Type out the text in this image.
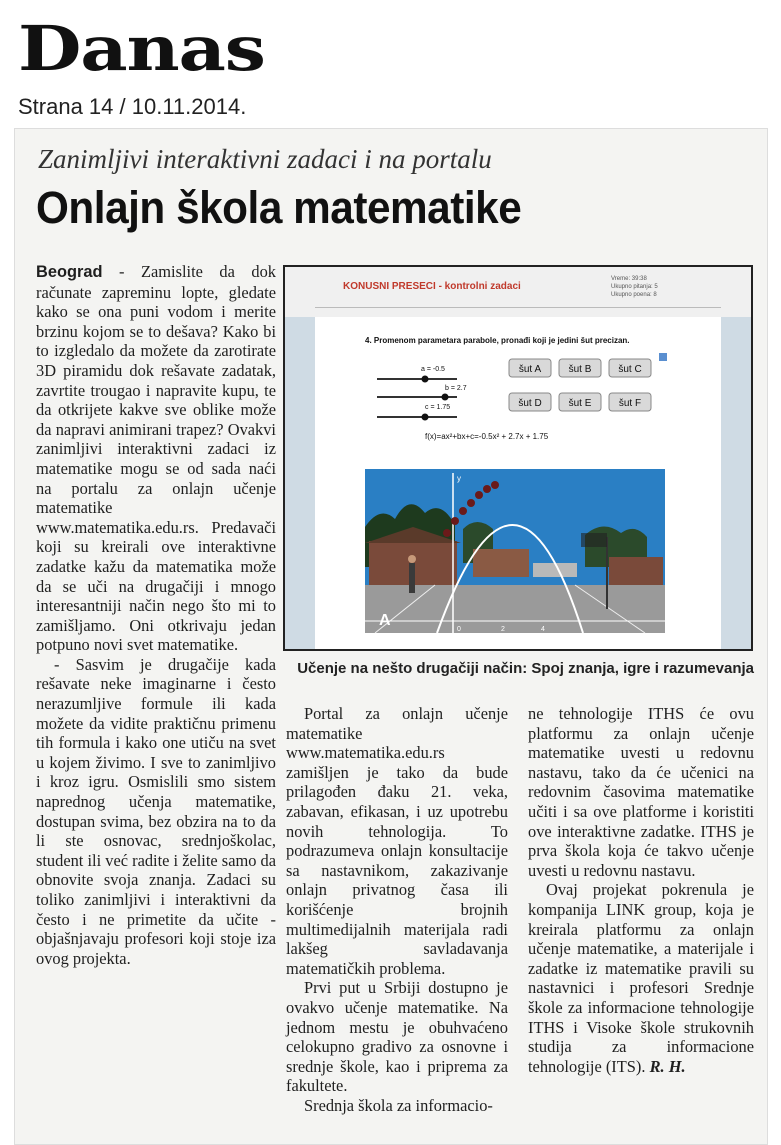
Danas
Strana 14 / 10.11.2014.
Zanimljivi interaktivni zadaci i na portalu
Onlajn škola matematike

Beograd - Zamislite da dok računate zapreminu lopte, gledate kako se ona puni vodom i merite brzinu kojom se to dešava? Kako bi to izgledalo da možete da zarotirate 3D piramidu dok rešavate zadatak, zavrtite trougao i napravite kupu, te da otkrijete kakve sve oblike može da napravi animirani trapez? Ovakvi zanimljivi interaktivni zadaci iz matematike mogu se od sada naći na portalu za onlajn učenje matematike www.matematika.edu.rs. Predavači koji su kreirali ove interaktivne zadatke kažu da matematika može da se uči na drugačiji i mnogo interesantniji način nego što mi to zamišljamo. Oni otkrivaju jedan potpuno novi svet matematike.

- Sasvim je drugačije kada rešavate neke imaginarne i često nerazumljive formule ili kada možete da vidite praktičnu primenu tih formula i kako one utiču na svet u kojem živimo. I sve to zanimljivo i kroz igru. Osmislili smo sistem naprednog učenja matematike, dostupan svima, bez obzira na to da li ste osnovac, srednjoškolac, student ili već radite i želite samo da obnovite svoja znanja. Zadaci su toliko zanimljivi i interaktivni da često i ne primetite da učite - objašnjavaju profesori koji stoje iza ovog projekta.

KONUSNI PRESECI - kontrolni zadaci
Vreme: 39:38
Ukupno pitanja: 5
Ukupno poena: 8
4. Promenom parametara parabole, pronađi koji je jedini šut precizan.
a = -0.5
b = 2.7
c = 1.75
šut A	šut B	šut C
šut D	šut E	šut F
f(x)=ax²+bx+c=-0.5x² + 2.7x + 1.75
y
0	2	4
A
Učenje na nešto drugačiji način: Spoj znanja, igre i razumevanja

Portal za onlajn učenje matematike www.matematika.edu.rs zamišljen je tako da bude prilagođen đaku 21. veka, zabavan, efikasan, i uz upotrebu novih tehnologija. To podrazumeva onlajn konsultacije sa nastavnikom, zakazivanje onlajn privatnog časa ili korišćenje brojnih multimedijalnih materijala radi lakšeg savladavanja matematičkih problema.

Prvi put u Srbiji dostupno je ovakvo učenje matematike. Na jednom mestu je obuhvaćeno celokupno gradivo za osnovne i srednje škole, kao i priprema za fakultete.

Srednja škola za informacio-

ne tehnologije ITHS će ovu platformu za onlajn učenje matematike uvesti u redovnu nastavu, tako da će učenici na redovnim časovima matematike učiti i sa ove platforme i koristiti ove interaktivne zadatke. ITHS je prva škola koja će takvo učenje uvesti u redovnu nastavu.

Ovaj projekat pokrenula je kompanija LINK group, koja je kreirala platformu za onlajn učenje matematike, a materijale i zadatke iz matematike pravili su nastavnici i profesori Srednje škole za informacione tehnologije ITHS i Visoke škole strukovnih studija za informacione tehnologije (ITS). R. H.
